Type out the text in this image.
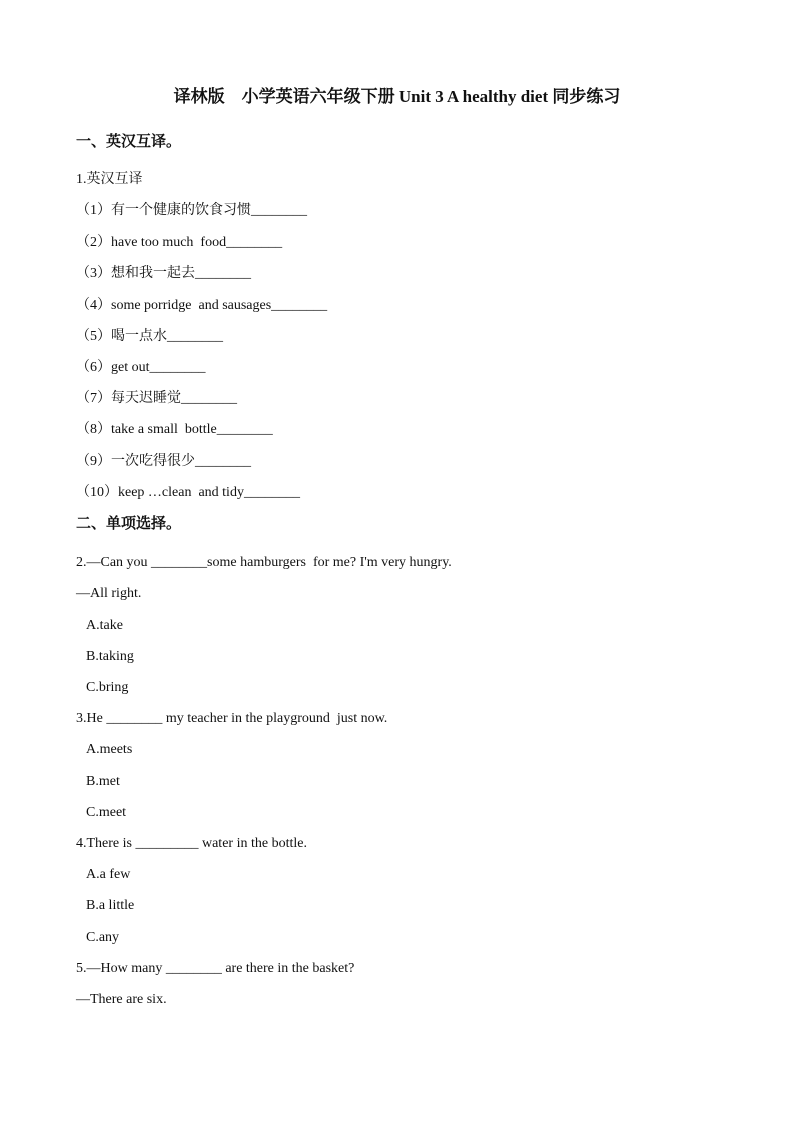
译林版    小学英语六年级下册 Unit 3 A healthy diet 同步练习
一、英汉互译。
1.英汉互译
（1）有一个健康的饮食习惯________
（2）have too much  food________
（3）想和我一起去________
（4）some porridge  and sausages________
（5）喝一点水________
（6）get out________
（7）每天迟睡觉________
（8）take a small  bottle________
（9）一次吃得很少________
（10）keep …clean  and tidy________
二、单项选择。
2.—Can you ________some hamburgers  for me? I'm very hungry.
—All right.
A.take
B.taking
C.bring
3.He ________ my teacher in the playground  just now.
A.meets
B.met
C.meet
4.There is _________ water in the bottle.
A.a few
B.a little
C.any
5.—How many ________ are there in the basket?
—There are six.
